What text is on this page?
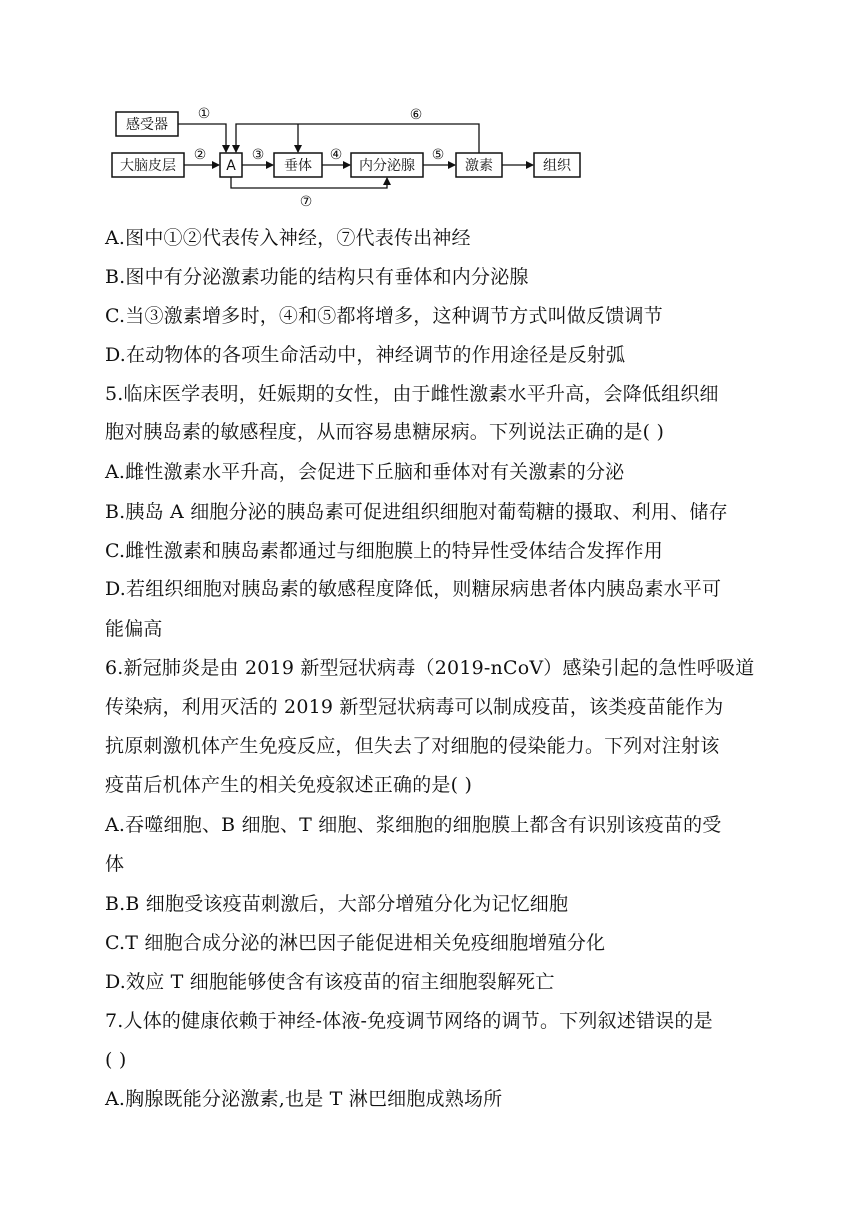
感受器
大脑皮层	A	垂体	内分泌腺	激素	组织
①
②	③	④	⑤
⑥
⑦
A.图中①②代表传入神经，⑦代表传出神经
B.图中有分泌激素功能的结构只有垂体和内分泌腺
C.当③激素增多时，④和⑤都将增多，这种调节方式叫做反馈调节
D.在动物体的各项生命活动中，神经调节的作用途径是反射弧
5.临床医学表明，妊娠期的女性，由于雌性激素水平升高，会降低组织细
胞对胰岛素的敏感程度，从而容易患糖尿病。下列说法正确的是( )
A.雌性激素水平升高，会促进下丘脑和垂体对有关激素的分泌
B.胰岛 A 细胞分泌的胰岛素可促进组织细胞对葡萄糖的摄取、利用、储存
C.雌性激素和胰岛素都通过与细胞膜上的特异性受体结合发挥作用
D.若组织细胞对胰岛素的敏感程度降低，则糖尿病患者体内胰岛素水平可
能偏高
6.新冠肺炎是由 2019 新型冠状病毒（2019-nCoV）感染引起的急性呼吸道
传染病，利用灭活的 2019 新型冠状病毒可以制成疫苗，该类疫苗能作为
抗原刺激机体产生免疫反应，但失去了对细胞的侵染能力。下列对注射该
疫苗后机体产生的相关免疫叙述正确的是( )
A.吞噬细胞、B 细胞、T 细胞、浆细胞的细胞膜上都含有识别该疫苗的受
体
B.B 细胞受该疫苗刺激后，大部分增殖分化为记忆细胞
C.T 细胞合成分泌的淋巴因子能促进相关免疫细胞增殖分化
D.效应 T 细胞能够使含有该疫苗的宿主细胞裂解死亡
7.人体的健康依赖于神经-体液-免疫调节网络的调节。下列叙述错误的是
( )
A.胸腺既能分泌激素,也是 T 淋巴细胞成熟场所
